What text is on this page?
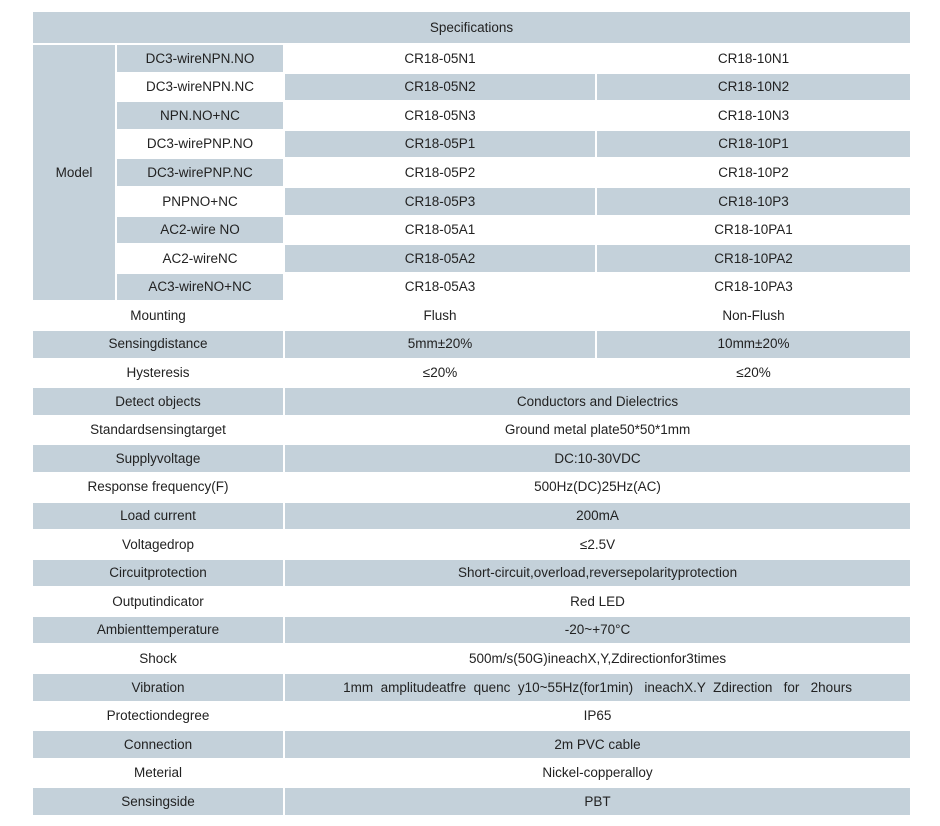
Specifications			
Model	DC3-wireNPN.NO	CR18-05N1	CR18-10N1
	DC3-wireNPN.NC	CR18-05N2	CR18-10N2
	NPN.NO+NC	CR18-05N3	CR18-10N3
	DC3-wirePNP.NO	CR18-05P1	CR18-10P1
	DC3-wirePNP.NC	CR18-05P2	CR18-10P2
	PNPNO+NC	CR18-05P3	CR18-10P3
	AC2-wire NO	CR18-05A1	CR18-10PA1
	AC2-wireNC	CR18-05A2	CR18-10PA2
	AC3-wireNO+NC	CR18-05A3	CR18-10PA3
Mounting		Flush	Non-Flush
Sensingdistance		5mm±20%	10mm±20%
Hysteresis		≤20%	≤20%
Detect objects		Conductors and Dielectrics	
Standardsensingtarget		Ground metal plate50*50*1mm	
Supplyvoltage		DC:10-30VDC	
Response frequency(F)		500Hz(DC)25Hz(AC)	
Load current		200mA	
Voltagedrop		≤2.5V	
Circuitprotection		Short-circuit,overload,reversepolarityprotection	
Outputindicator		Red LED	
Ambienttemperature		-20~+70°C	
Shock		500m/s(50G)ineachX,Y,Zdirectionfor3times	
Vibration		1mm  amplitudeatfre  quenc  y10~55Hz(for1min)   ineachX.Y  Zdirection   for   2hours	
Protectiondegree		IP65	
Connection		2m PVC cable	
Meterial		Nickel-copperalloy	
Sensingside		PBT	
